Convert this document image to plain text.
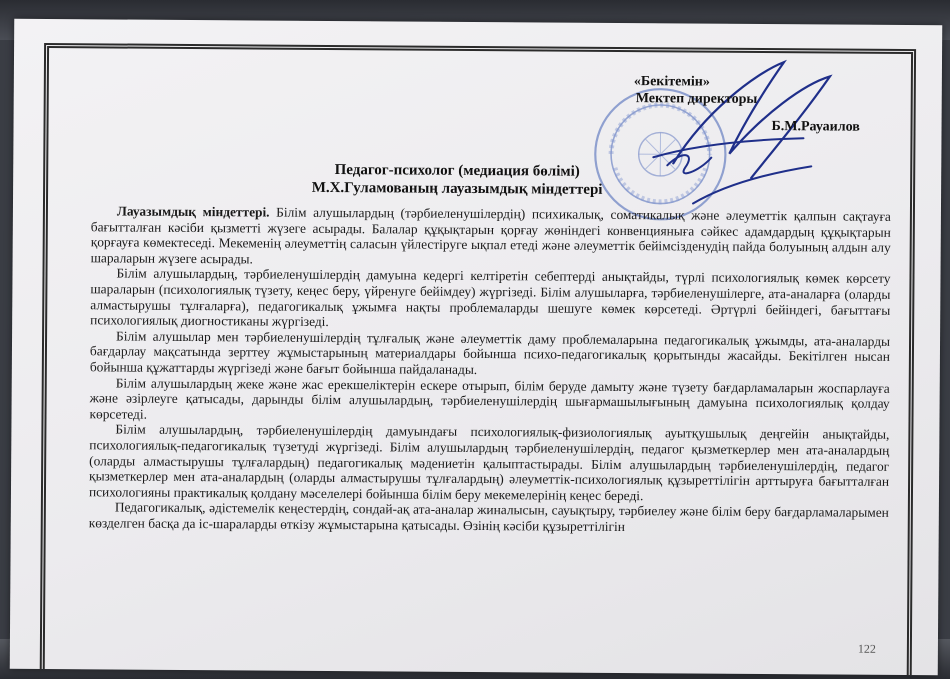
«Бекітемін»
Мектеп директоры
Б.М.Рауаилов
Педагог-психолог (медиация бөлімі)
М.Х.Гуламованың лауазымдық міндеттері

Лауазымдық міндеттері. Білім алушылардың (тәрбиеленушілердің) психикалық, соматикалық және әлеуметтік қалпын сақтауға бағытталған кәсіби қызметті жүзеге асырады. Балалар құқықтарын қорғау жөніндегі конвенцияныға сәйкес адамдардың құқықтарын қорғауға көмектеседі. Мекеменің әлеуметтің саласын үйлестіруге ықпал етеді және әлеуметтік бейімсізденудің пайда болуының алдын алу шараларын жүзеге асырады.

Білім алушылардың, тәрбиеленушілердің дамуына кедергі келтіретін себептерді анықтайды, түрлі психологиялық көмек көрсету шараларын (психологиялық түзету, кеңес беру, үйренуге бейімдеу) жүргізеді. Білім алушыларға, тәрбиеленушілерге, ата-аналарға (оларды алмастырушы тұлғаларға), педагогикалық ұжымға нақты проблемаларды шешуге көмек көрсетеді. Әртүрлі бейіндегі, бағыттағы психологиялық диогностиканы жүргізеді.

Білім алушылар мен тәрбиеленушілердің тұлғалық және әлеуметтік даму проблемаларына педагогикалық ұжымды, ата-аналарды бағдарлау мақсатында зерттеу жұмыстарының материалдары бойынша психо-педагогикалық қорытынды жасайды. Бекітілген нысан бойынша құжаттарды жүргізеді және бағыт бойынша пайдаланады.

Білім алушылардың жеке және жас ерекшеліктерін ескере отырып, білім беруде дамыту және түзету бағдарламаларын жоспарлауға және әзірлеуге қатысады, дарынды білім алушылардың, тәрбиеленушілердің шығармашылығының дамуына психологиялық қолдау көрсетеді.

Білім алушылардың, тәрбиеленушілердің дамуындағы психологиялық-физиологиялық ауытқушылық деңгейін анықтайды, психологиялық-педагогикалық түзетуді жүргізеді. Білім алушылардың тәрбиеленушілердің, педагог қызметкерлер мен ата-аналардың (оларды алмастырушы тұлғалардың) педагогикалық мәдениетін қалыптастырады. Білім алушылардың тәрбиеленушілердің, педагог қызметкерлер мен ата-аналардың (оларды алмастырушы тұлғалардың) әлеуметтік-психологиялық құзыреттілігін арттыруға бағытталған психологияны практикалық қолдану мәселелері бойынша білім беру мекемелерінің кеңес береді.

Педагогикалық, әдістемелік кеңестердің, сондай-ақ ата-аналар жиналысын, сауықтыру, тәрбиелеу және білім беру бағдарламаларымен көзделген басқа да іс-шараларды өткізу жұмыстарына қатысады. Өзінің кәсіби құзыреттілігін

122
